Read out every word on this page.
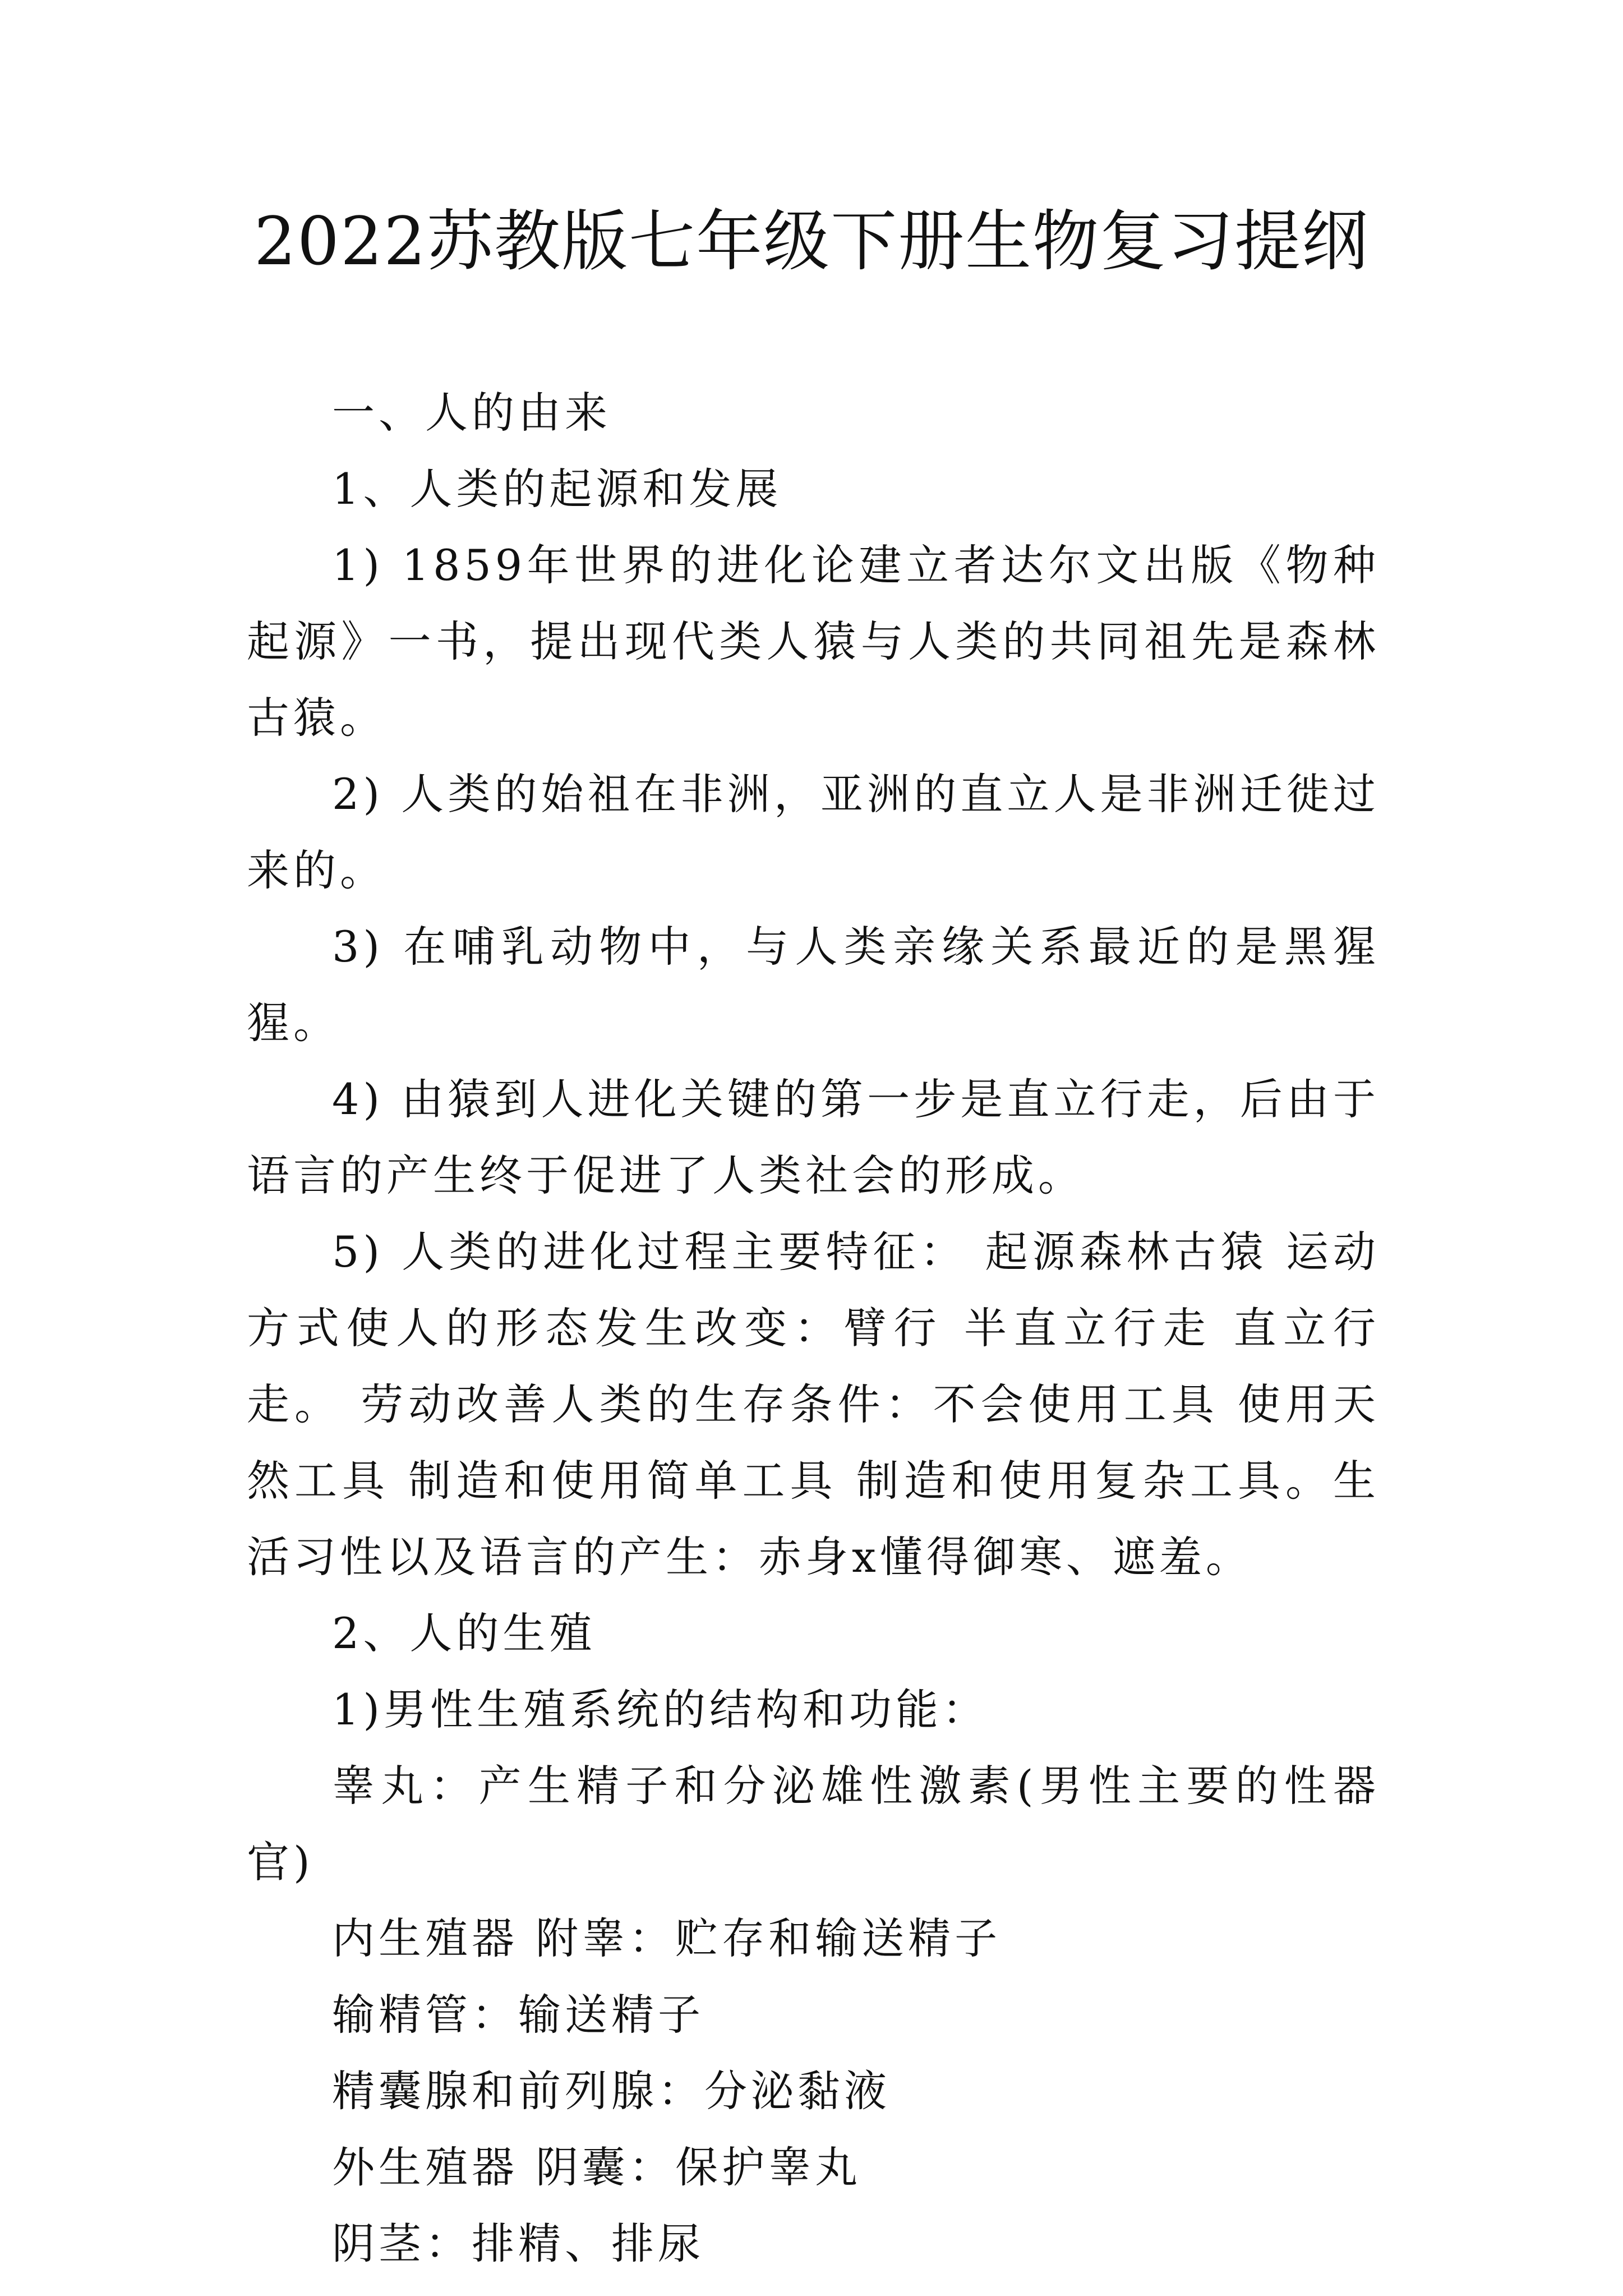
2022苏教版七年级下册生物复习提纲

一、人的由来

1、人类的起源和发展

1) 1859年世界的进化论建立者达尔文出版《物种起源》一书，提出现代类人猿与人类的共同祖先是森林古猿。

2) 人类的始祖在非洲，亚洲的直立人是非洲迁徙过来的。

3) 在哺乳动物中，与人类亲缘关系最近的是黑猩猩。

4) 由猿到人进化关键的第一步是直立行走，后由于语言的产生终于促进了人类社会的形成。

5) 人类的进化过程主要特征： 起源森林古猿 运动方式使人的形态发生改变：臂行 半直立行走 直立行走。 劳动改善人类的生存条件：不会使用工具 使用天然工具 制造和使用简单工具 制造和使用复杂工具。生活习性以及语言的产生：赤身x懂得御寒、遮羞。

2、人的生殖

1)男性生殖系统的结构和功能：

睾丸：产生精子和分泌雄性激素(男性主要的性器官)

内生殖器 附睾：贮存和输送精子

输精管：输送精子

精囊腺和前列腺：分泌黏液

外生殖器 阴囊：保护睾丸

阴茎：排精、排尿
